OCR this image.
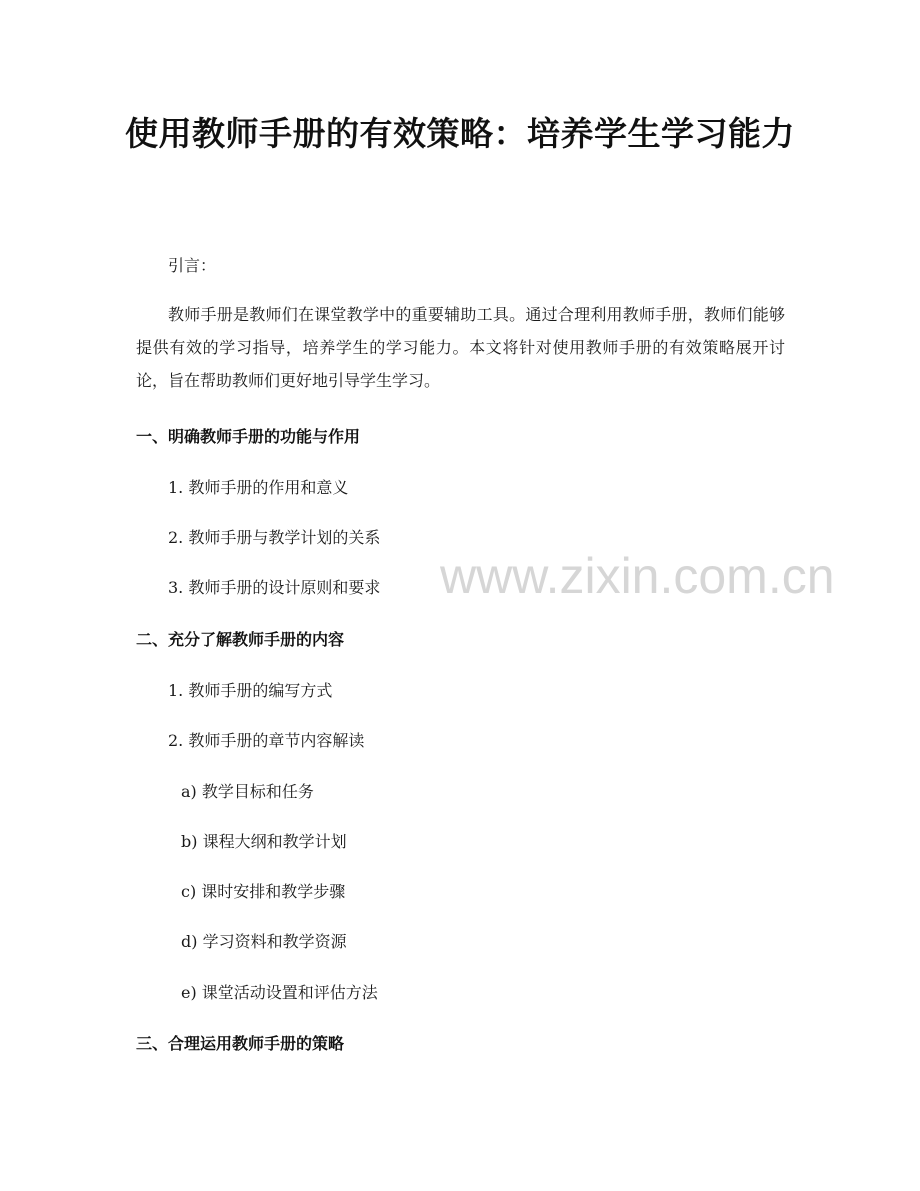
使用教师手册的有效策略：培养学生学习能力
引言：
教师手册是教师们在课堂教学中的重要辅助工具。通过合理利用教师手册，教师们能够提供有效的学习指导，培养学生的学习能力。本文将针对使用教师手册的有效策略展开讨论，旨在帮助教师们更好地引导学生学习。
一、明确教师手册的功能与作用
1. 教师手册的作用和意义
2. 教师手册与教学计划的关系
3. 教师手册的设计原则和要求
二、充分了解教师手册的内容
1. 教师手册的编写方式
2. 教师手册的章节内容解读
a) 教学目标和任务
b) 课程大纲和教学计划
c) 课时安排和教学步骤
d) 学习资料和教学资源
e) 课堂活动设置和评估方法
三、合理运用教师手册的策略
www.zixin.com.cn
